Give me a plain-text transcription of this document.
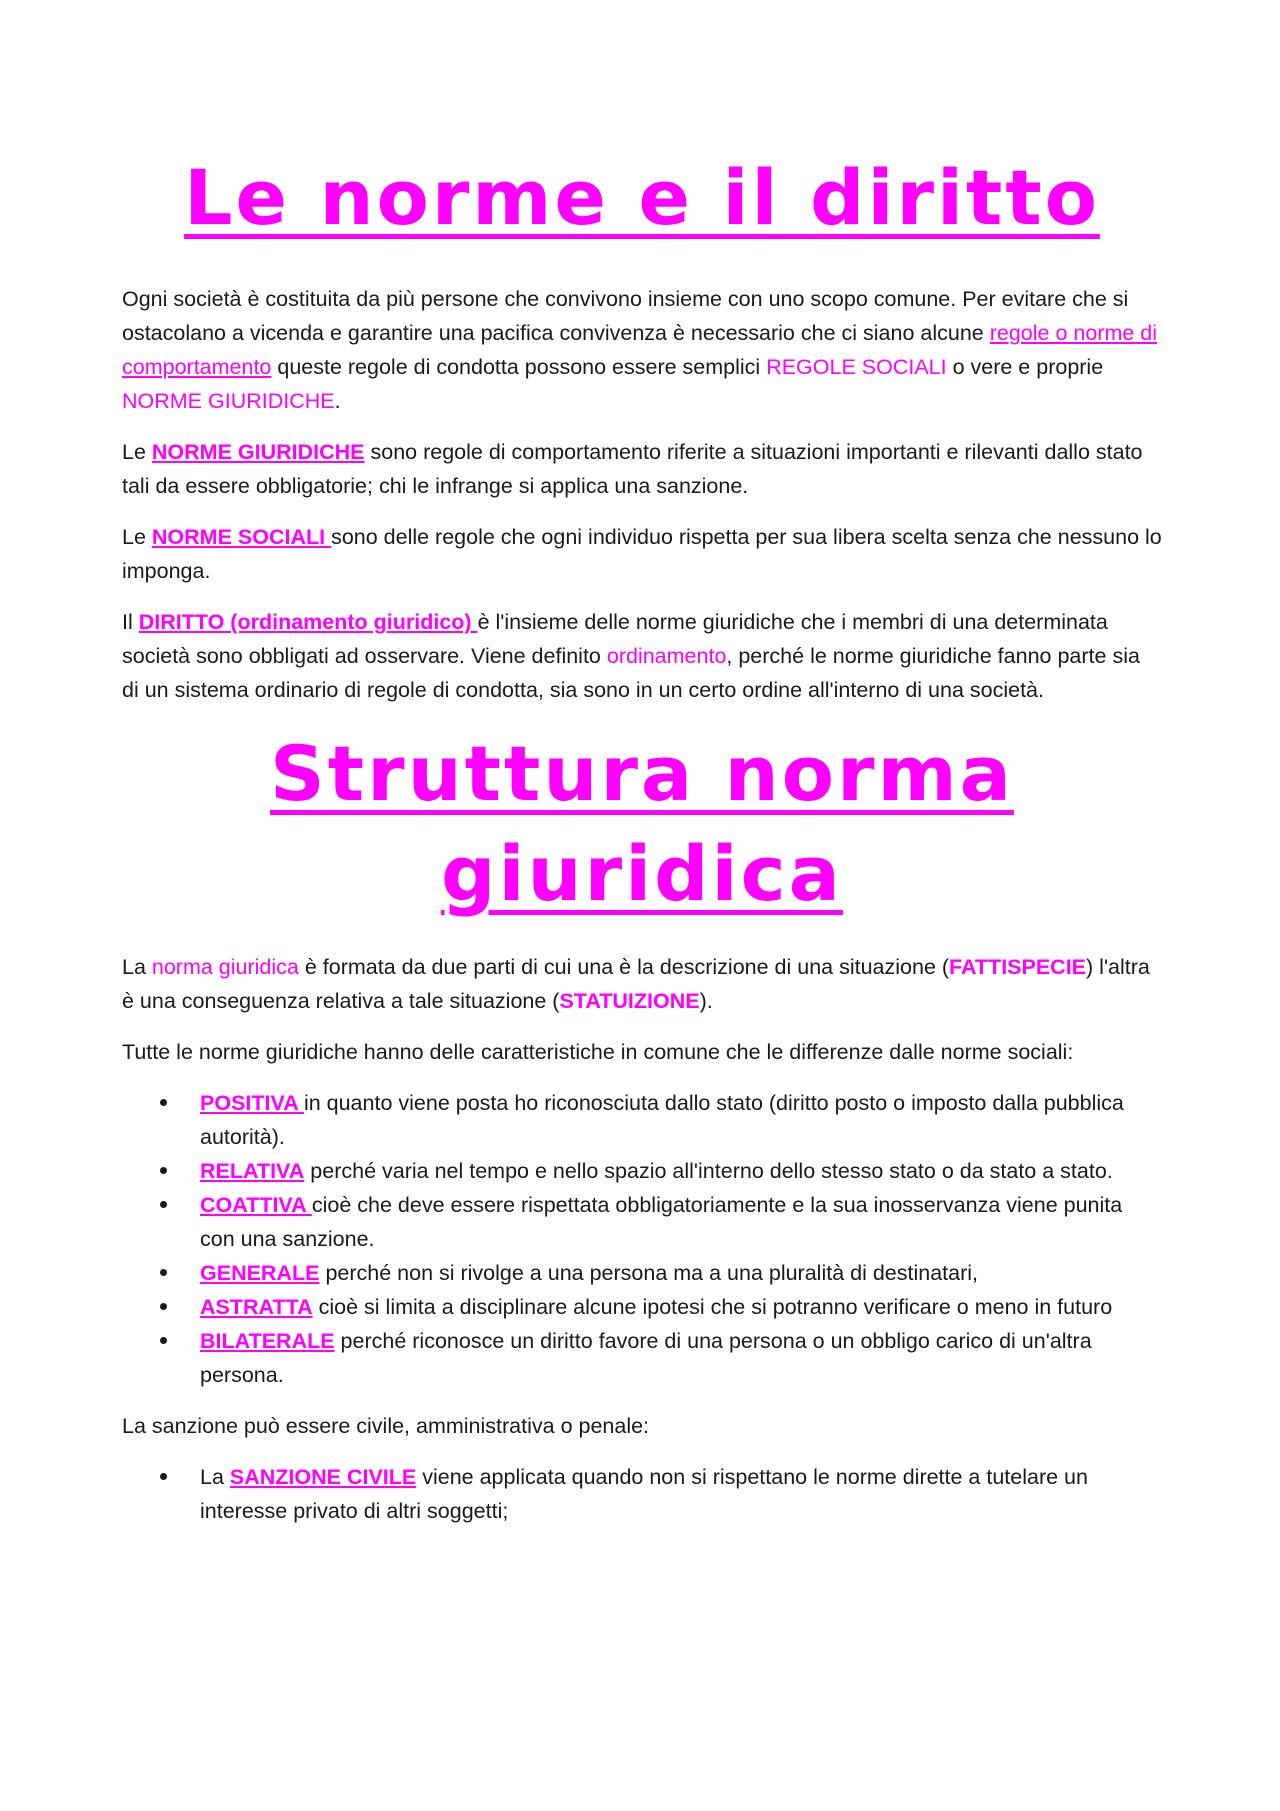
Le norme e il diritto

Ogni società è costituita da più persone che convivono insieme con uno scopo comune. Per evitare che si ostacolano a vicenda e garantire una pacifica convivenza è necessario che ci siano alcune regole o norme di comportamento queste regole di condotta possono essere semplici REGOLE SOCIALI o vere e proprie NORME GIURIDICHE.

Le NORME GIURIDICHE sono regole di comportamento riferite a situazioni importanti e rilevanti dallo stato tali da essere obbligatorie; chi le infrange si applica una sanzione.

Le NORME SOCIALI sono delle regole che ogni individuo rispetta per sua libera scelta senza che nessuno lo imponga.

Il DIRITTO (ordinamento giuridico) è l'insieme delle norme giuridiche che i membri di una determinata società sono obbligati ad osservare. Viene definito ordinamento, perché le norme giuridiche fanno parte sia di un sistema ordinario di regole di condotta, sia sono in un certo ordine all'interno di una società.

Struttura norma giuridica

La norma giuridica è formata da due parti di cui una è la descrizione di una situazione (FATTISPECIE) l'altra è una conseguenza relativa a tale situazione (STATUIZIONE).

Tutte le norme giuridiche hanno delle caratteristiche in comune che le differenze dalle norme sociali:

POSITIVA in quanto viene posta ho riconosciuta dallo stato (diritto posto o imposto dalla pubblica autorità).
RELATIVA perché varia nel tempo e nello spazio all'interno dello stesso stato o da stato a stato.
COATTIVA cioè che deve essere rispettata obbligatoriamente e la sua inosservanza viene punita con una sanzione.
GENERALE perché non si rivolge a una persona ma a una pluralità di destinatari,
ASTRATTA cioè si limita a disciplinare alcune ipotesi che si potranno verificare o meno in futuro
BILATERALE perché riconosce un diritto favore di una persona o un obbligo carico di un'altra persona.

La sanzione può essere civile, amministrativa o penale:

La SANZIONE CIVILE viene applicata quando non si rispettano le norme dirette a tutelare un interesse privato di altri soggetti;
